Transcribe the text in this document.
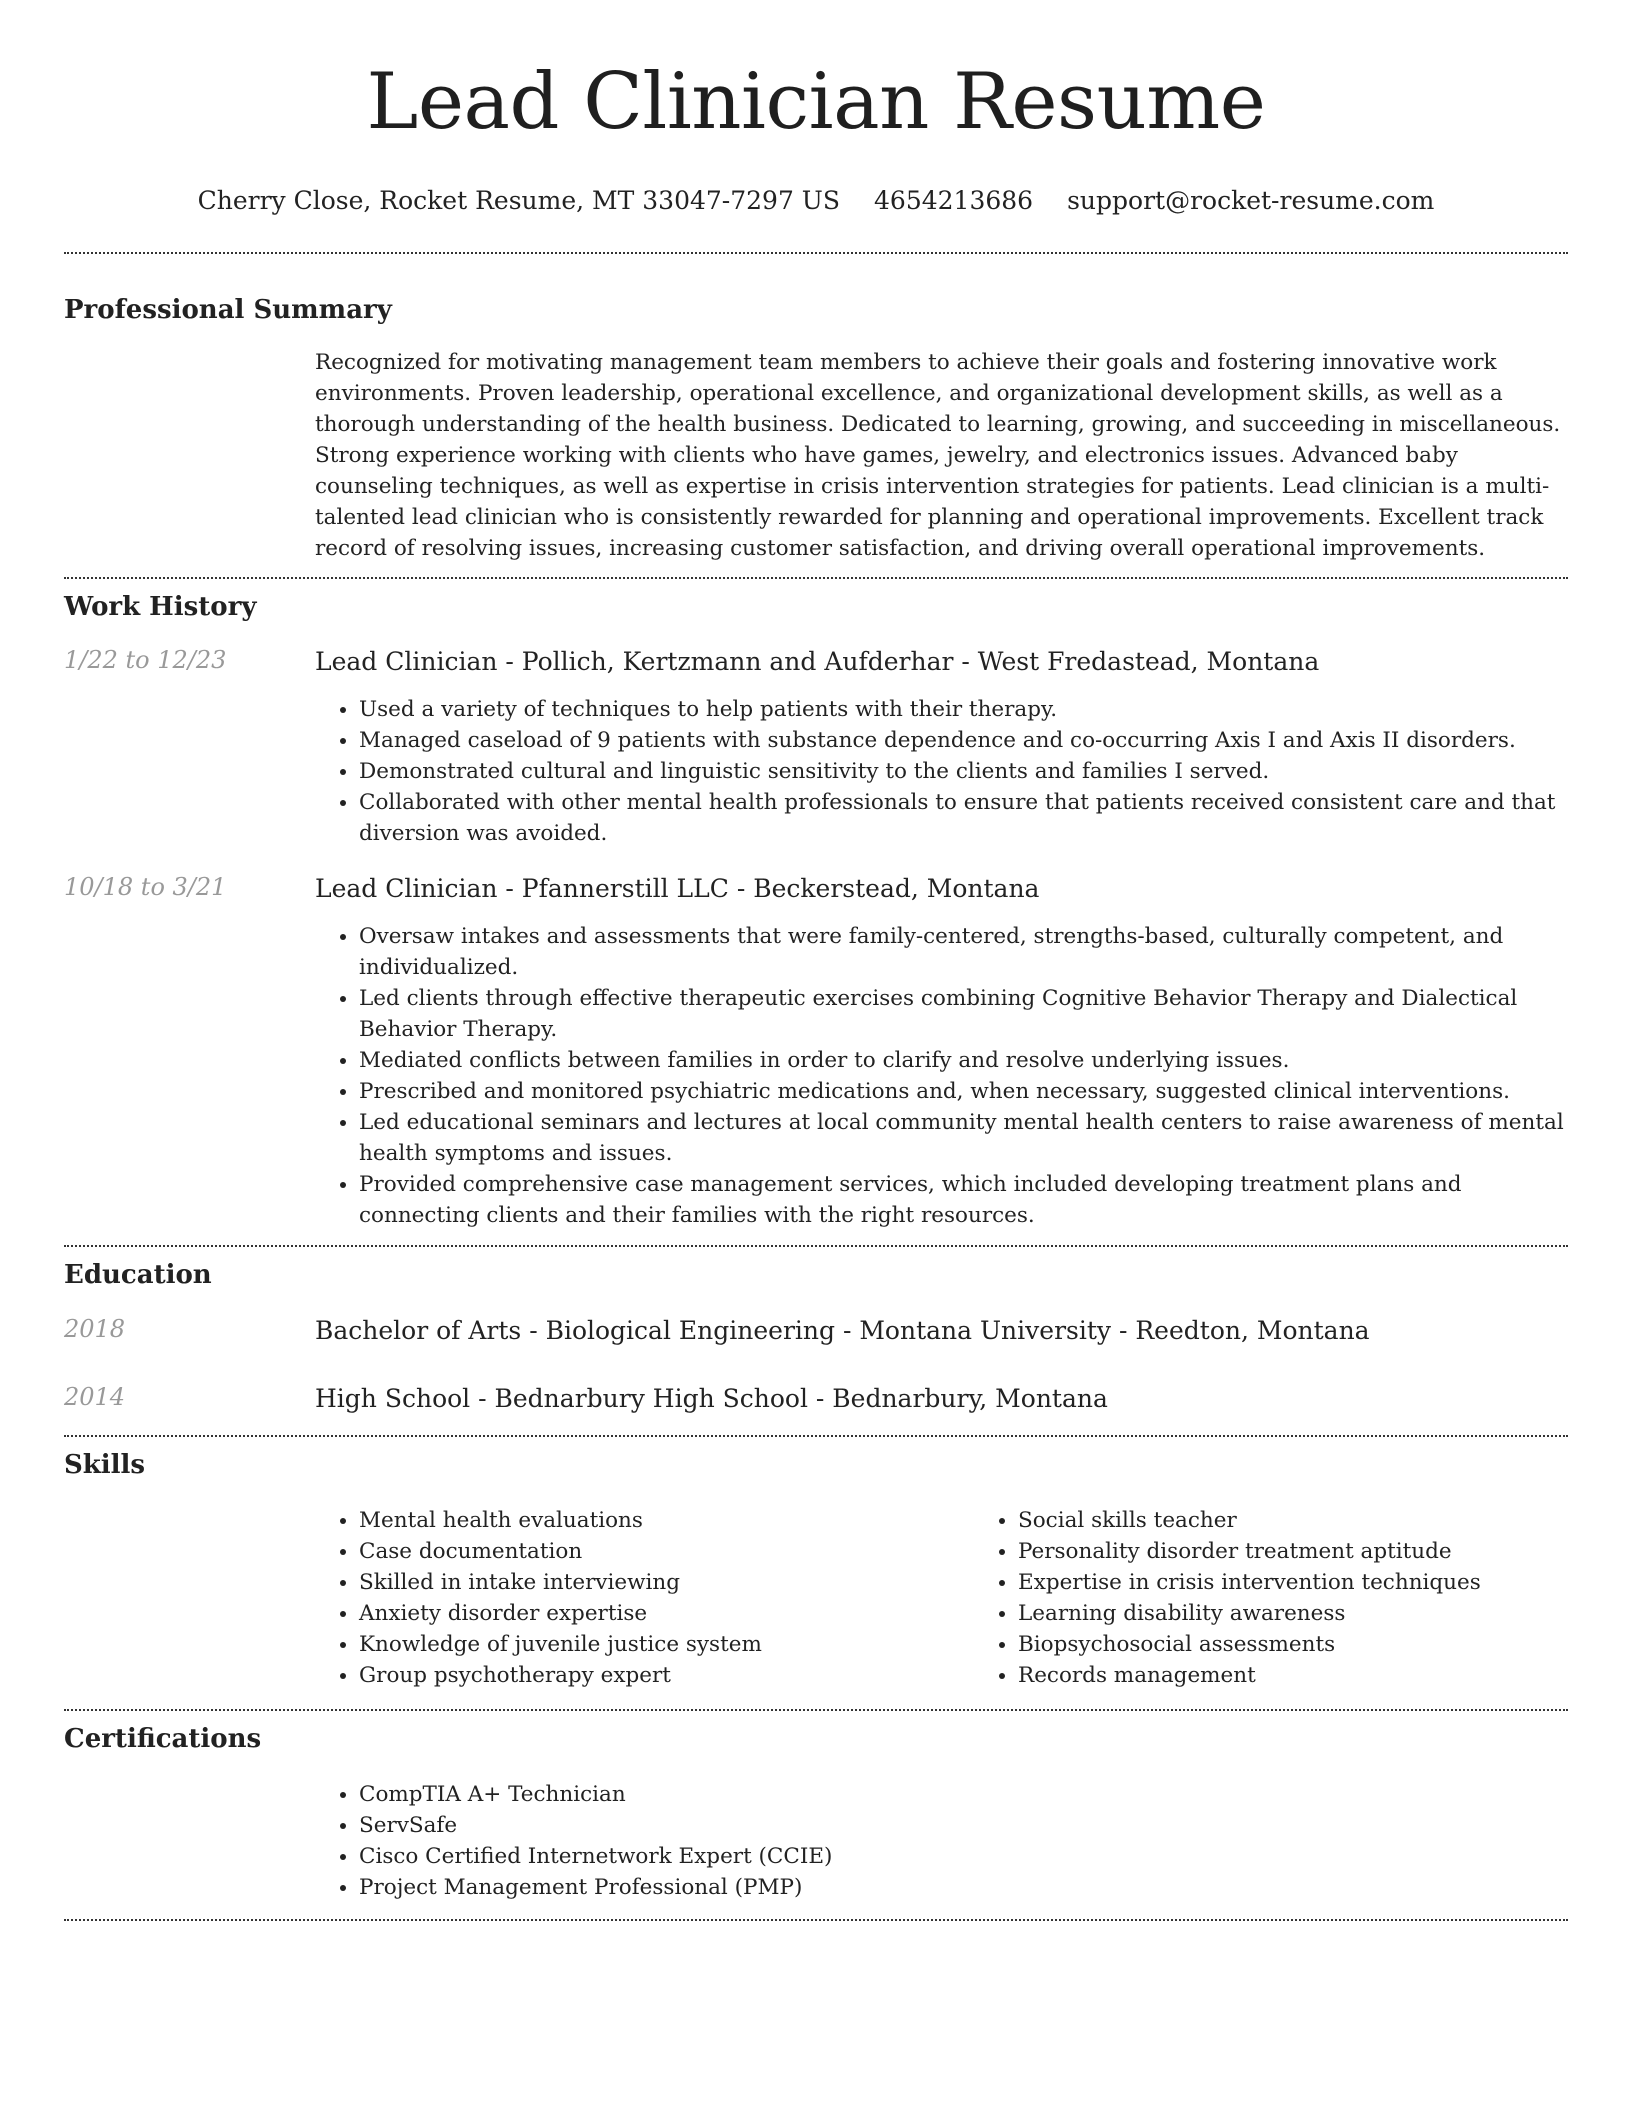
Lead Clinician Resume
Cherry Close, Rocket Resume, MT 33047-7297 US 4654213686 support@rocket-resume.com
Professional Summary
Recognized for motivating management team members to achieve their goals and fostering innovative work environments. Proven leadership, operational excellence, and organizational development skills, as well as a thorough understanding of the health business. Dedicated to learning, growing, and succeeding in miscellaneous. Strong experience working with clients who have games, jewelry, and electronics issues. Advanced baby counseling techniques, as well as expertise in crisis intervention strategies for patients. Lead clinician is a multi-talented lead clinician who is consistently rewarded for planning and operational improvements. Excellent track record of resolving issues, increasing customer satisfaction, and driving overall operational improvements.
Work History
1/22 to 12/23	Lead Clinician - Pollich, Kertzmann and Aufderhar - West Fredastead, Montana
• Used a variety of techniques to help patients with their therapy.
• Managed caseload of 9 patients with substance dependence and co-occurring Axis I and Axis II disorders.
• Demonstrated cultural and linguistic sensitivity to the clients and families I served.
• Collaborated with other mental health professionals to ensure that patients received consistent care and that diversion was avoided.
10/18 to 3/21	Lead Clinician - Pfannerstill LLC - Beckerstead, Montana
• Oversaw intakes and assessments that were family-centered, strengths-based, culturally competent, and individualized.
• Led clients through effective therapeutic exercises combining Cognitive Behavior Therapy and Dialectical Behavior Therapy.
• Mediated conflicts between families in order to clarify and resolve underlying issues.
• Prescribed and monitored psychiatric medications and, when necessary, suggested clinical interventions.
• Led educational seminars and lectures at local community mental health centers to raise awareness of mental health symptoms and issues.
• Provided comprehensive case management services, which included developing treatment plans and connecting clients and their families with the right resources.
Education
2018	Bachelor of Arts - Biological Engineering - Montana University - Reedton, Montana
2014	High School - Bednarbury High School - Bednarbury, Montana
Skills
• Mental health evaluations
• Case documentation
• Skilled in intake interviewing
• Anxiety disorder expertise
• Knowledge of juvenile justice system
• Group psychotherapy expert
• Social skills teacher
• Personality disorder treatment aptitude
• Expertise in crisis intervention techniques
• Learning disability awareness
• Biopsychosocial assessments
• Records management
Certifications
• CompTIA A+ Technician
• ServSafe
• Cisco Certified Internetwork Expert (CCIE)
• Project Management Professional (PMP)
